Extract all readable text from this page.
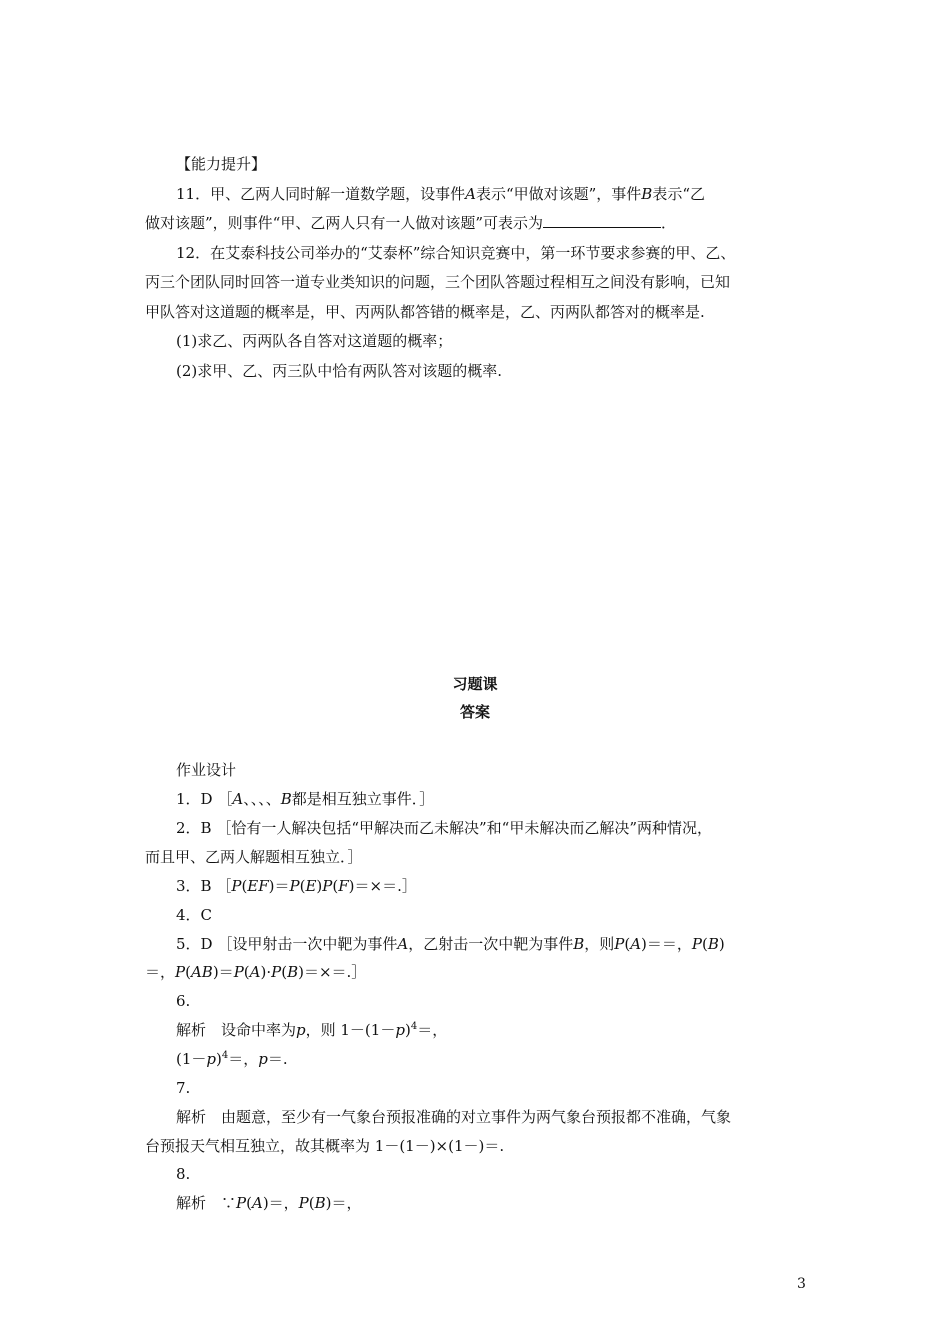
【能力提升】
11．甲、乙两人同时解一道数学题，设事件A表示“甲做对该题”，事件B表示“乙
做对该题”，则事件“甲、乙两人只有一人做对该题”可表示为	．
12．在艾泰科技公司举办的“艾泰杯”综合知识竞赛中，第一环节要求参赛的甲、乙、
丙三个团队同时回答一道专业类知识的问题，三个团队答题过程相互之间没有影响，已知
甲队答对这道题的概率是，甲、丙两队都答错的概率是，乙、丙两队都答对的概率是.
(1)求乙、丙两队各自答对这道题的概率；
(2)求甲、乙、丙三队中恰有两队答对该题的概率.
习题课
答案
作业设计
1．D ［A、、、、B都是相互独立事件．］
2．B ［恰有一人解决包括“甲解决而乙未解决”和“甲未解决而乙解决”两种情况，
而且甲、乙两人解题相互独立．］
3．B ［P(EF)＝P(E)P(F)＝×＝.］
4．C
5．D ［设甲射击一次中靶为事件A，乙射击一次中靶为事件B，则P(A)＝＝，P(B)
＝，P(AB)＝P(A)·P(B)＝×＝.］
6.
解析　设命中率为p，则 $1-(1-p)^4=$，
$(1-p)^4=$，p＝.
7.
解析　由题意，至少有一气象台预报准确的对立事件为两气象台预报都不准确，气象
台预报天气相互独立，故其概率为 1－(1－)×(1－)＝.
8.
解析　∵P(A)＝，P(B)＝，
3
